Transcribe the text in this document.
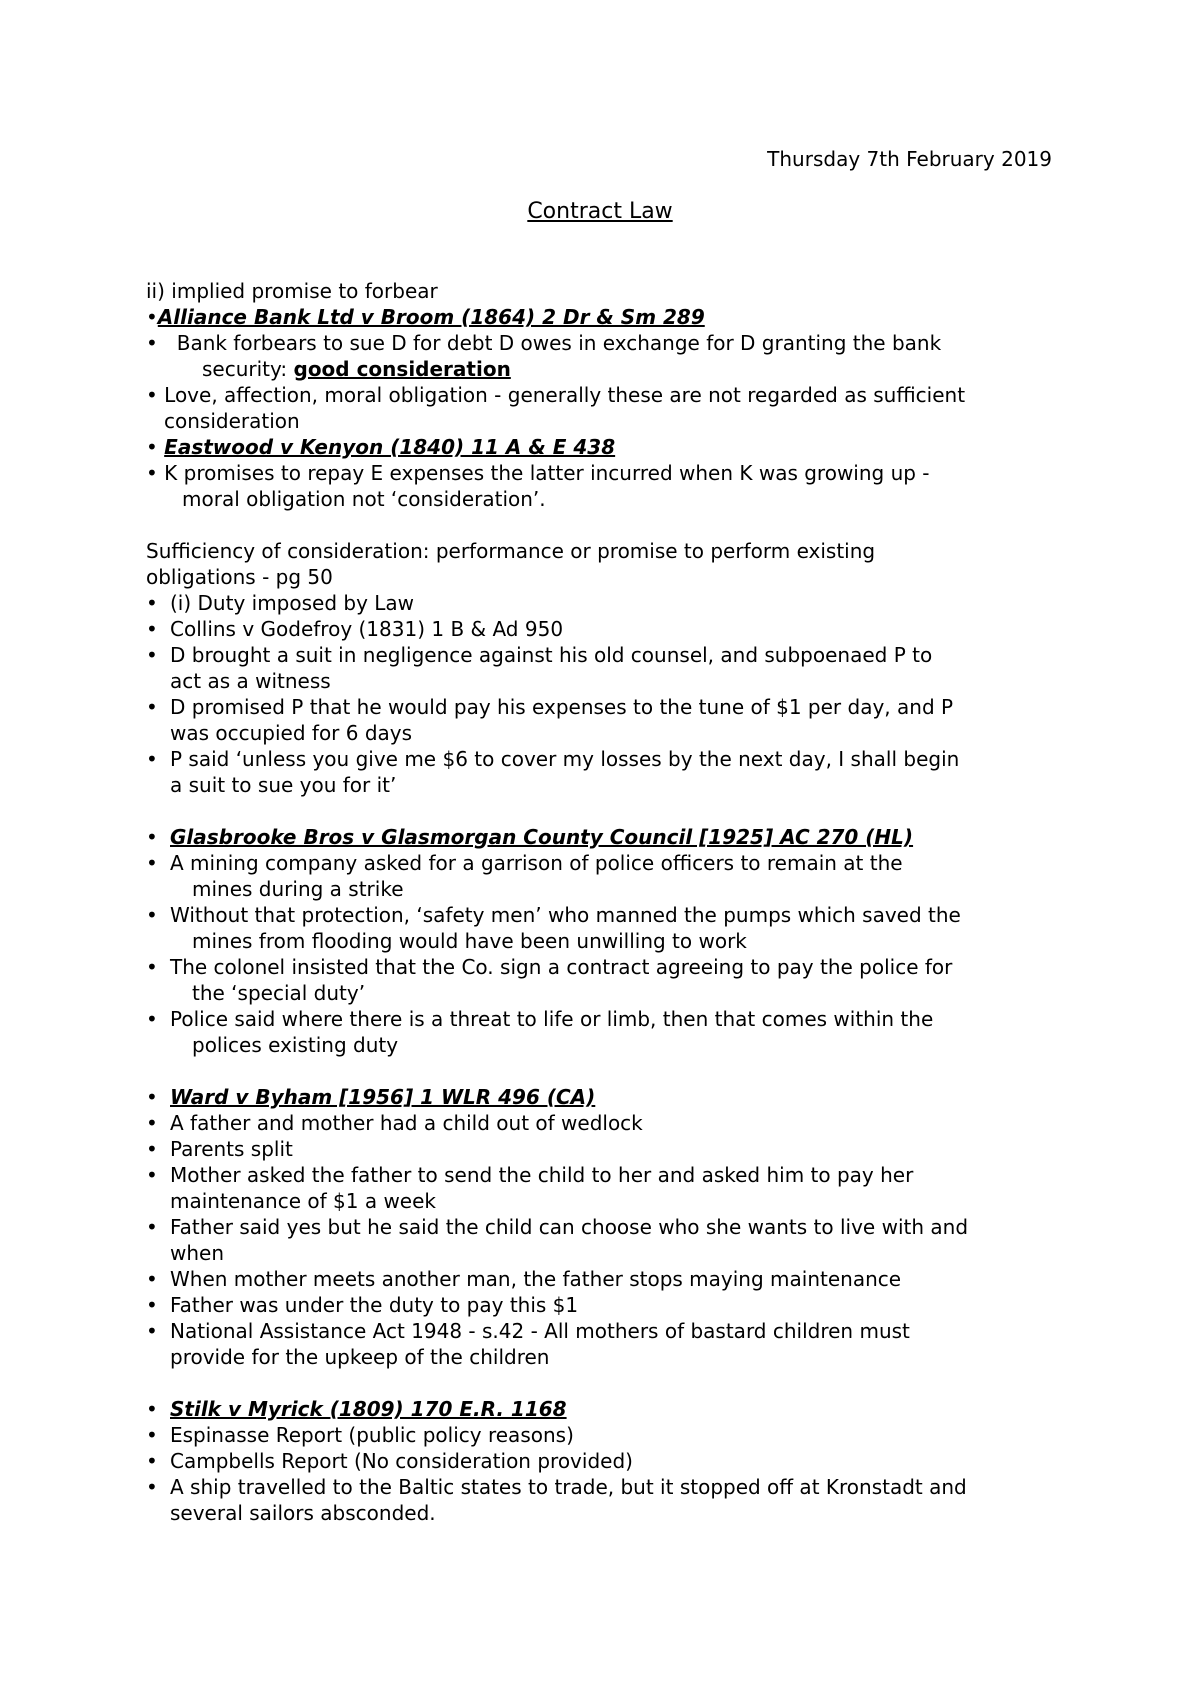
Thursday 7th February 2019

Contract Law

ii) implied promise to forbear

•Alliance Bank Ltd v Broom (1864) 2 Dr & Sm 289

• Bank forbears to sue D for debt D owes in exchange for D granting the bank

security: good consideration

• Love, affection, moral obligation - generally these are not regarded as sufficient

consideration

• Eastwood v Kenyon (1840) 11 A & E 438

• K promises to repay E expenses the latter incurred when K was growing up -

moral obligation not ‘consideration’.

Sufficiency of consideration: performance or promise to perform existing

obligations - pg 50

• (i) Duty imposed by Law

• Collins v Godefroy (1831) 1 B & Ad 950

• D brought a suit in negligence against his old counsel, and subpoenaed P to

act as a witness

• D promised P that he would pay his expenses to the tune of $1 per day, and P

was occupied for 6 days

• P said ‘unless you give me $6 to cover my losses by the next day, I shall begin

a suit to sue you for it’

• Glasbrooke Bros v Glasmorgan County Council [1925] AC 270 (HL)

• A mining company asked for a garrison of police officers to remain at the

mines during a strike

• Without that protection, ‘safety men’ who manned the pumps which saved the

mines from flooding would have been unwilling to work

• The colonel insisted that the Co. sign a contract agreeing to pay the police for

the ‘special duty’

• Police said where there is a threat to life or limb, then that comes within the

polices existing duty

• Ward v Byham [1956] 1 WLR 496 (CA)

• A father and mother had a child out of wedlock

• Parents split

• Mother asked the father to send the child to her and asked him to pay her

maintenance of $1 a week

• Father said yes but he said the child can choose who she wants to live with and

when

• When mother meets another man, the father stops maying maintenance

• Father was under the duty to pay this $1

• National Assistance Act 1948 - s.42 - All mothers of bastard children must

provide for the upkeep of the children

• Stilk v Myrick (1809) 170 E.R. 1168

• Espinasse Report (public policy reasons)

• Campbells Report (No consideration provided)

• A ship travelled to the Baltic states to trade, but it stopped off at Kronstadt and

several sailors absconded.
